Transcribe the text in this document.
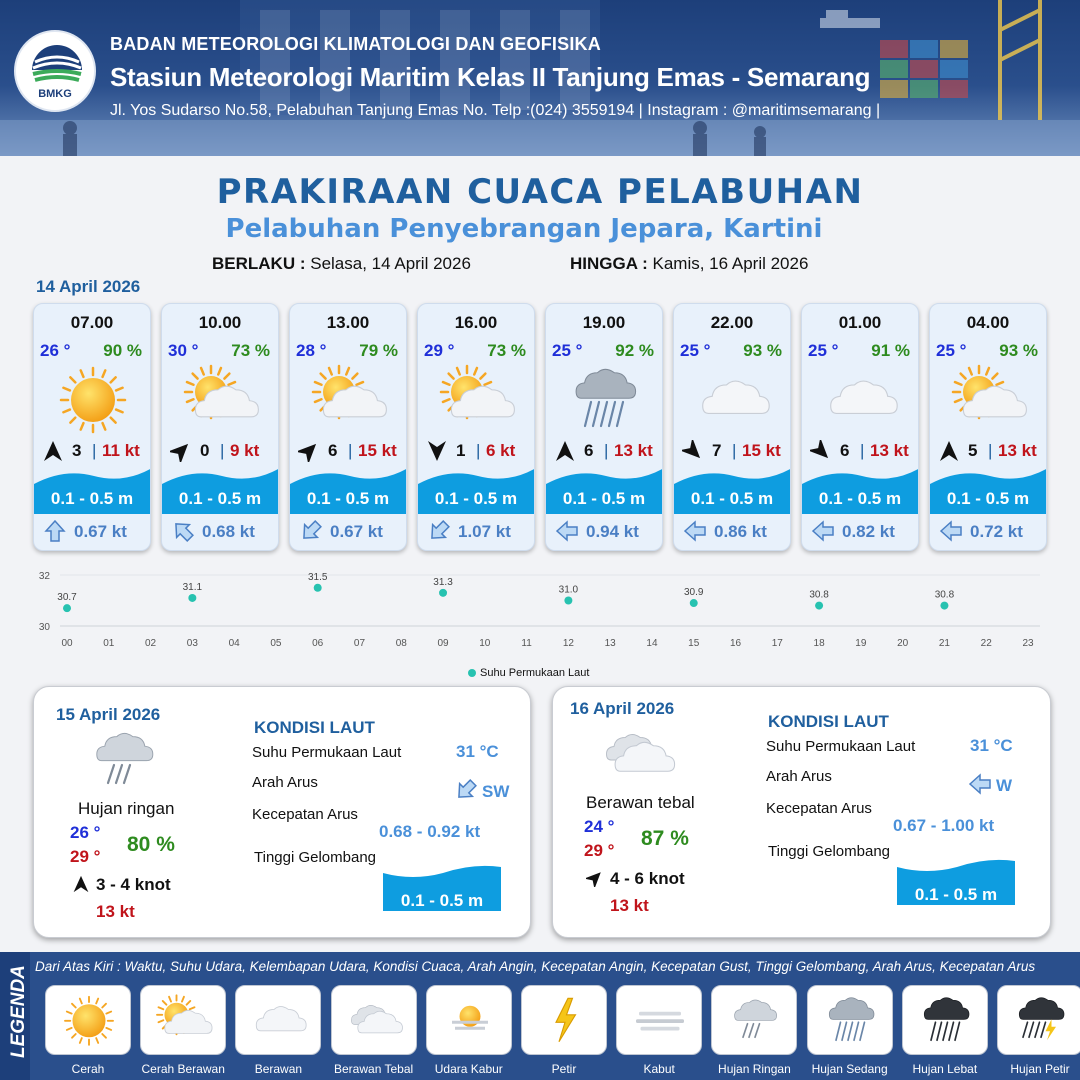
BMKG
BADAN METEOROLOGI KLIMATOLOGI DAN GEOFISIKA
Stasiun Meteorologi Maritim Kelas II Tanjung Emas - Semarang
Jl. Yos Sudarso No.58, Pelabuhan Tanjung Emas No. Telp :(024) 3559194 | Instagram : @maritimsemarang |
PRAKIRAAN CUACA PELABUHAN
Pelabuhan Penyebrangan Jepara, Kartini
BERLAKU : Selasa, 14 April 2026	HINGGA : Kamis, 16 April 2026
14 April 2026
07.00
26 ° 90 %
3 | 11 kt
0.1 - 0.5 m
0.67 kt
10.00
30 ° 73 %
0 | 9 kt
0.1 - 0.5 m
0.68 kt
13.00
28 ° 79 %
6 | 15 kt
0.1 - 0.5 m
0.67 kt
16.00
29 ° 73 %
1 | 6 kt
0.1 - 0.5 m
1.07 kt
19.00
25 ° 92 %
6 | 13 kt
0.1 - 0.5 m
0.94 kt
22.00
25 ° 93 %
7 | 15 kt
0.1 - 0.5 m
0.86 kt
01.00
25 ° 91 %
6 | 13 kt
0.1 - 0.5 m
0.82 kt
04.00
25 ° 93 %
5 | 13 kt
0.1 - 0.5 m
0.72 kt
32
30
00	01	02	03	04	05	06	07	08	09	10	11	12	13	14	15	16	17	18	19	20	21	22	23
30.7
31.1
31.5	31.3
31.0	30.9	30.8	30.8
Suhu Permukaan Laut
15 April 2026
Hujan ringan
26 °
29 °
80 %
3 - 4 knot
13 kt
KONDISI LAUT
Suhu Permukaan Laut	31 °C
Arah Arus	SW
Kecepatan Arus
0.68 - 0.92 kt
Tinggi Gelombang
0.1 - 0.5 m
16 April 2026
Berawan tebal
24 °
29 °
87 %
4 - 6 knot
13 kt
KONDISI LAUT
Suhu Permukaan Laut	31 °C
Arah Arus	W
Kecepatan Arus
0.67 - 1.00 kt
Tinggi Gelombang
0.1 - 0.5 m
LEGENDA Dari Atas Kiri : Waktu, Suhu Udara, Kelembapan Udara, Kondisi Cuaca, Arah Angin, Kecepatan Angin, Kecepatan Gust, Tinggi Gelombang, Arah Arus, Kecepatan Arus
Cerah	Cerah Berawan	Berawan	Berawan Tebal	Udara Kabur	Petir	Kabut	Hujan Ringan	Hujan Sedang	Hujan Lebat	Hujan Petir
